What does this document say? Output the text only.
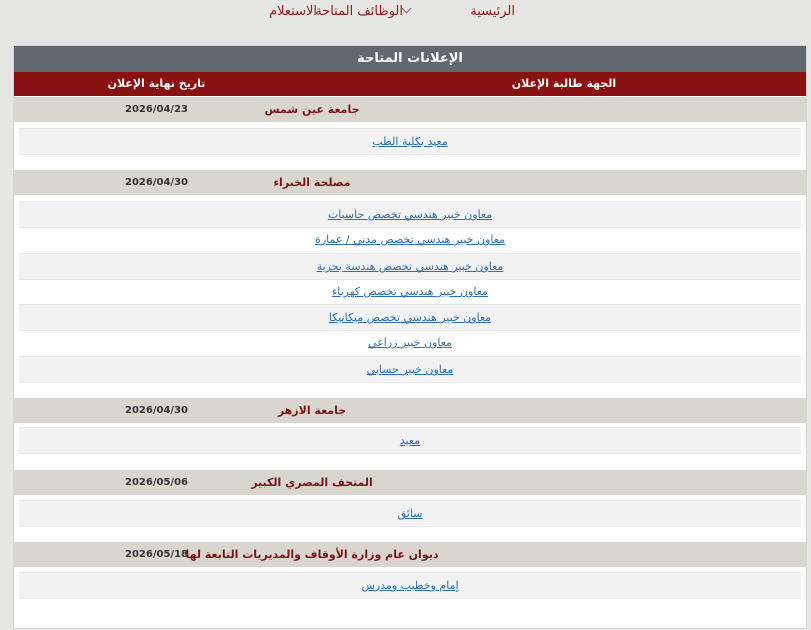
الرئيسية
الوظائف المتاحة
الاستعلام
الإعلانات المتاحة
الجهة طالبة الإعلان
تاريخ نهاية الإعلان
جامعة عين شمس
2026/04/23
معيد بكلية الطب
مصلحة الخبراء
2026/04/30
معاون خبير هندسي تخصص حاسبات
معاون خبير هندسي تخصص مدني / عمارة
معاون خبير هندسي تخصص هندسة بحرية
معاون خبير هندسي تخصص كهرباء
معاون خبير هندسي تخصص ميكانيكا
معاون خبير زراعي
معاون خبير حسابي
جامعة الازهر
2026/04/30
معيد
المتحف المصري الكبير
2026/05/06
سائق
ديوان عام وزارة الأوقاف والمديريات التابعة لها
2026/05/18
إمام وخطيب ومدرس
